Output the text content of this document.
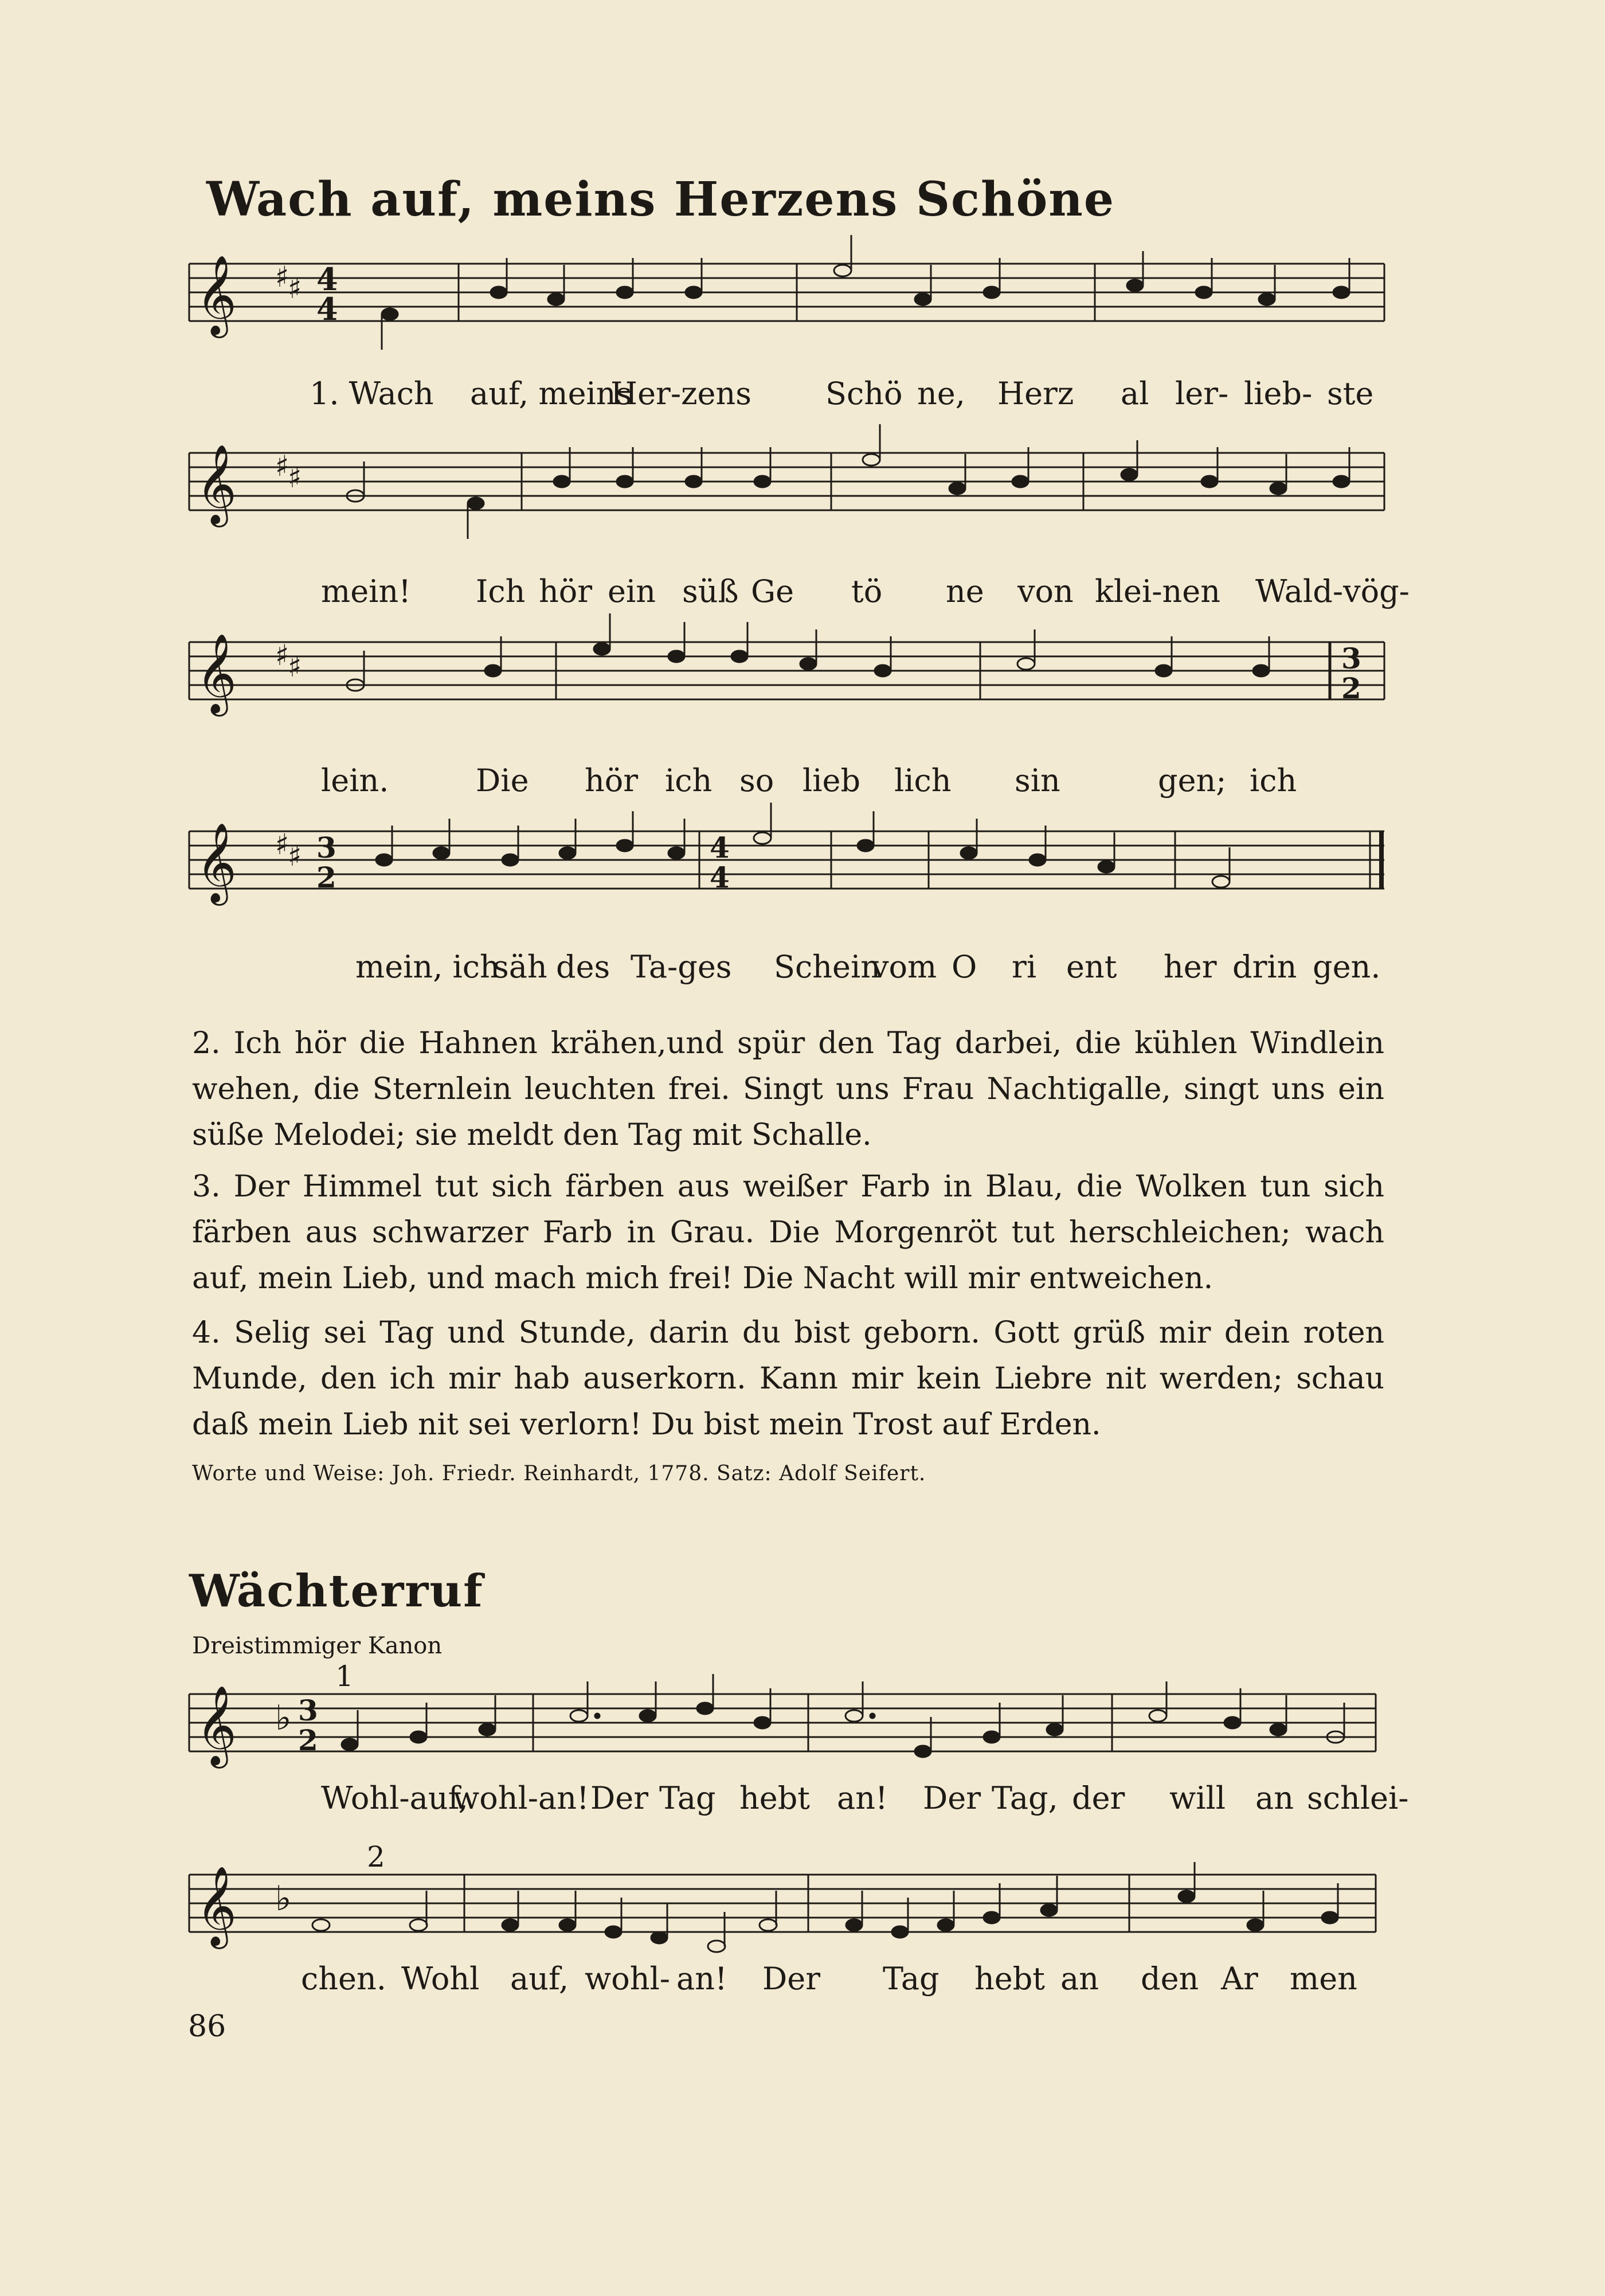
Wach auf, meins Herzens Schöne
𝄞 ♯
♯ 4
4
1. Wach auf, meins
Her-zens Schö ne, Herz al ler- lieb- ste
𝄞 ♯
♯
mein! Ich hör ein süß Ge tö ne von klei-nen Wald-vög-
𝄞 ♯
♯	3
2
lein.	Die hör ich so lieb lich sin	gen; ich
𝄞 ♯
♯ 3
2
4
4
mein, ich
säh des Ta-ges Schein
vom O ri ent her drin gen.

2. Ich hör die Hahnen krähen,und spür den Tag darbei, die kühlen Windlein wehen, die Sternlein leuchten frei. Singt uns Frau Nachtigalle, singt uns ein süße Melodei; sie meldt den Tag mit Schalle.

3. Der Himmel tut sich färben aus weißer Farb in Blau, die Wolken tun sich färben aus schwarzer Farb in Grau. Die Morgenröt tut herschleichen; wach auf, mein Lieb, und mach mich frei! Die Nacht will mir entweichen.

4. Selig sei Tag und Stunde, darin du bist geborn. Gott grüß mir dein roten Munde, den ich mir hab auserkorn. Kann mir kein Liebre nit werden; schau daß mein Lieb nit sei verlorn! Du bist mein Trost auf Erden.

Worte und Weise: Joh. Friedr. Reinhardt, 1778. Satz: Adolf Seifert.

Wächterruf

Dreistimmiger Kanon

1
𝄞 ♭ 3
2
Wohl-auf,
wohl-an! Der Tag hebt an! Der Tag, der will an schlei-
2
𝄞 ♭
chen. Wohl auf, wohl- an! Der Tag hebt an den Ar men

86
